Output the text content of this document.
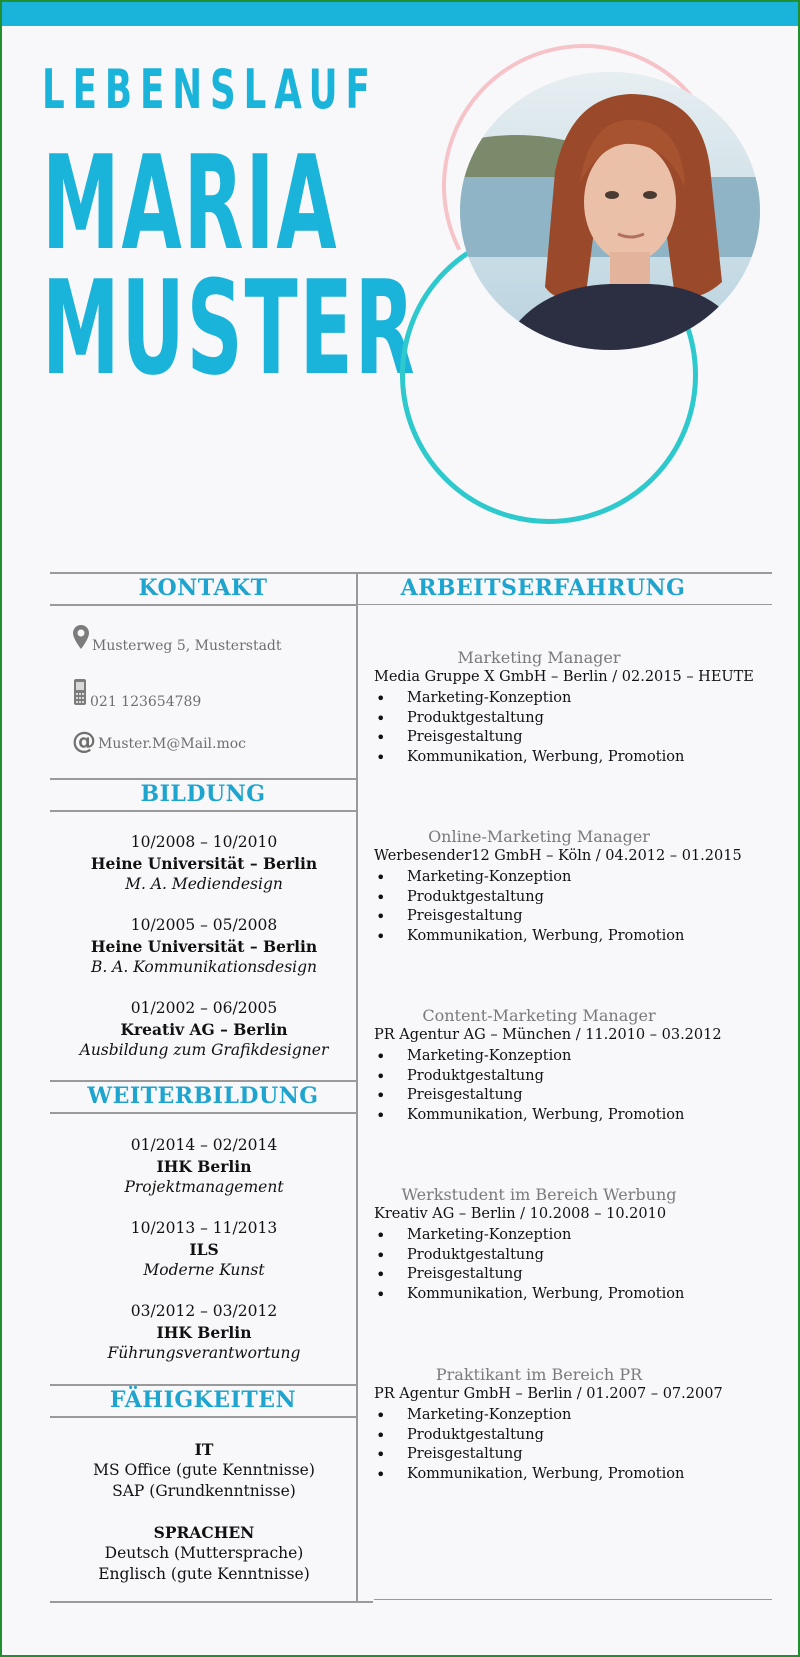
LEBENSLAUF
MARIA
MUSTER
KONTAKT	ARBEITSERFAHRUNG
Musterweg 5, Musterstadt
021 123654789
@ Muster.M@Mail.moc
BILDUNG
10/2008 – 10/2010
Heine Universität – Berlin
M. A. Mediendesign
10/2005 – 05/2008
Heine Universität – Berlin
B. A. Kommunikationsdesign
01/2002 – 06/2005
Kreativ AG – Berlin
Ausbildung zum Grafikdesigner
WEITERBILDUNG
01/2014 – 02/2014
IHK Berlin
Projektmanagement
10/2013 – 11/2013
ILS
Moderne Kunst
03/2012 – 03/2012
IHK Berlin
Führungsverantwortung
FÄHIGKEITEN
IT
MS Office (gute Kenntnisse)
SAP (Grundkenntnisse)
SPRACHEN
Deutsch (Muttersprache)
Englisch (gute Kenntnisse)
Marketing Manager
Media Gruppe X GmbH – Berlin / 02.2015 – HEUTE
• Marketing-Konzeption
• Produktgestaltung
• Preisgestaltung
• Kommunikation, Werbung, Promotion
Online-Marketing Manager
Werbesender12 GmbH – Köln / 04.2012 – 01.2015
• Marketing-Konzeption
• Produktgestaltung
• Preisgestaltung
• Kommunikation, Werbung, Promotion
Content-Marketing Manager
PR Agentur AG – München / 11.2010 – 03.2012
• Marketing-Konzeption
• Produktgestaltung
• Preisgestaltung
• Kommunikation, Werbung, Promotion
Werkstudent im Bereich Werbung
Kreativ AG – Berlin / 10.2008 – 10.2010
• Marketing-Konzeption
• Produktgestaltung
• Preisgestaltung
• Kommunikation, Werbung, Promotion
Praktikant im Bereich PR
PR Agentur GmbH – Berlin / 01.2007 – 07.2007
• Marketing-Konzeption
• Produktgestaltung
• Preisgestaltung
• Kommunikation, Werbung, Promotion
